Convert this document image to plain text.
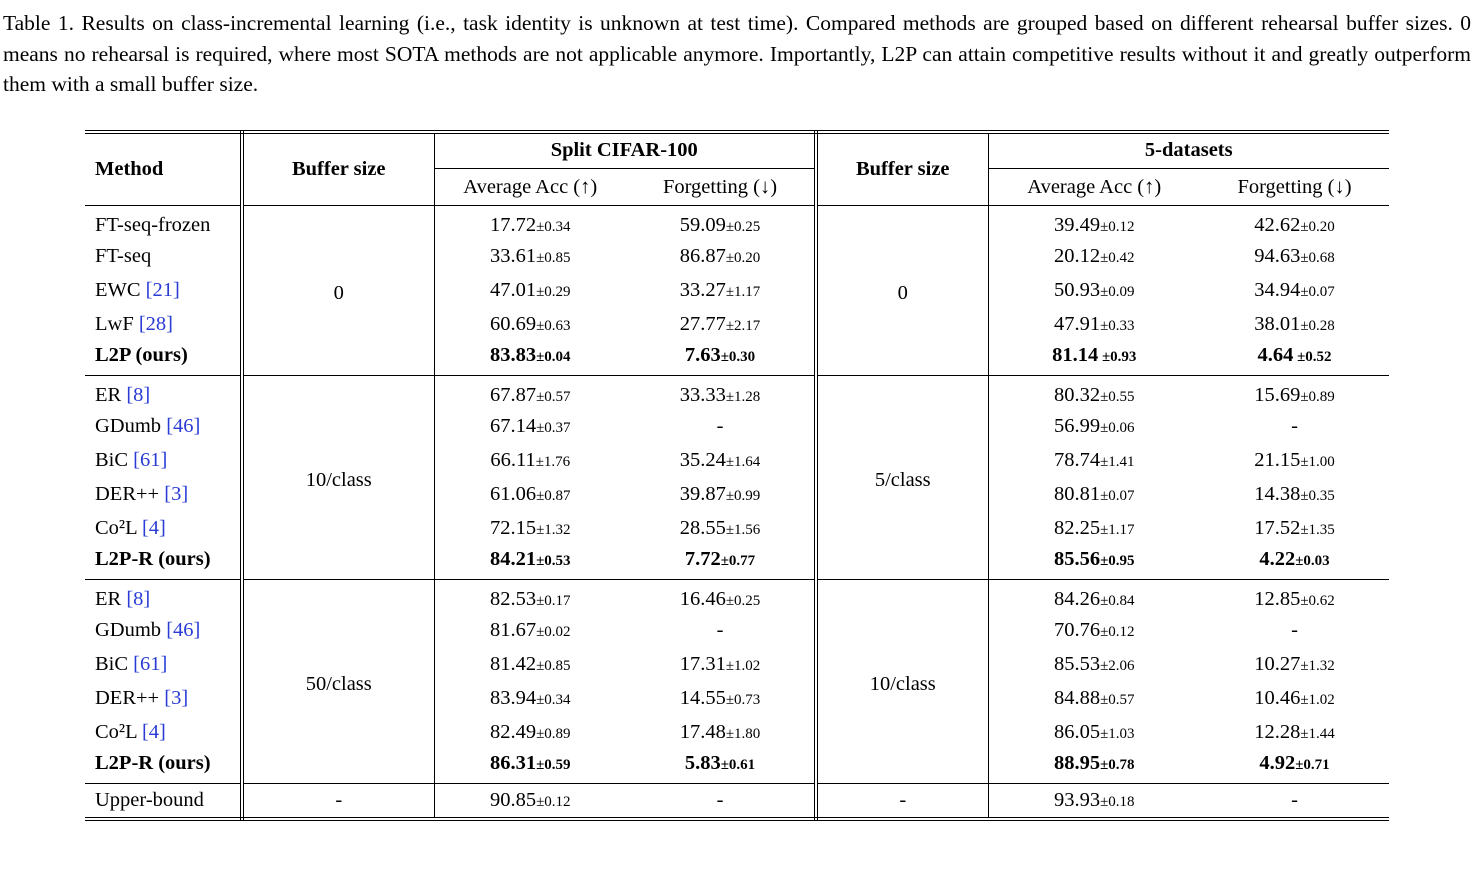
Table 1. Results on class-incremental learning (i.e., task identity is unknown at test time). Compared methods are grouped based on different rehearsal buffer sizes. 0 means no rehearsal is required, where most SOTA methods are not applicable anymore. Importantly, L2P can attain competitive results without it and greatly outperform them with a small buffer size.

Method	Buffer size	Split CIFAR-100		Buffer size	5-datasets	
		Average Acc (↑)	Forgetting (↓)		Average Acc (↑)	Forgetting (↓)
FT-seq-frozen	0	17.72±0.34	59.09±0.25	0	39.49±0.12	42.62±0.20
FT-seq		33.61±0.85	86.87±0.20		20.12±0.42	94.63±0.68
EWC [21]		47.01±0.29	33.27±1.17		50.93±0.09	34.94±0.07
LwF [28]		60.69±0.63	27.77±2.17		47.91±0.33	38.01±0.28
L2P (ours)		83.83±0.04	7.63±0.30		81.14 ±0.93	4.64 ±0.52
ER [8]	10/class	67.87±0.57	33.33±1.28	5/class	80.32±0.55	15.69±0.89
GDumb [46]		67.14±0.37	-		56.99±0.06	-
BiC [61]		66.11±1.76	35.24±1.64		78.74±1.41	21.15±1.00
DER++ [3]		61.06±0.87	39.87±0.99		80.81±0.07	14.38±0.35
Co²L [4]		72.15±1.32	28.55±1.56		82.25±1.17	17.52±1.35
L2P-R (ours)		84.21±0.53	7.72±0.77		85.56±0.95	4.22±0.03
ER [8]	50/class	82.53±0.17	16.46±0.25	10/class	84.26±0.84	12.85±0.62
GDumb [46]		81.67±0.02	-		70.76±0.12	-
BiC [61]		81.42±0.85	17.31±1.02		85.53±2.06	10.27±1.32
DER++ [3]		83.94±0.34	14.55±0.73		84.88±0.57	10.46±1.02
Co²L [4]		82.49±0.89	17.48±1.80		86.05±1.03	12.28±1.44
L2P-R (ours)		86.31±0.59	5.83±0.61		88.95±0.78	4.92±0.71
Upper-bound	-	90.85±0.12	-	-	93.93±0.18	-
